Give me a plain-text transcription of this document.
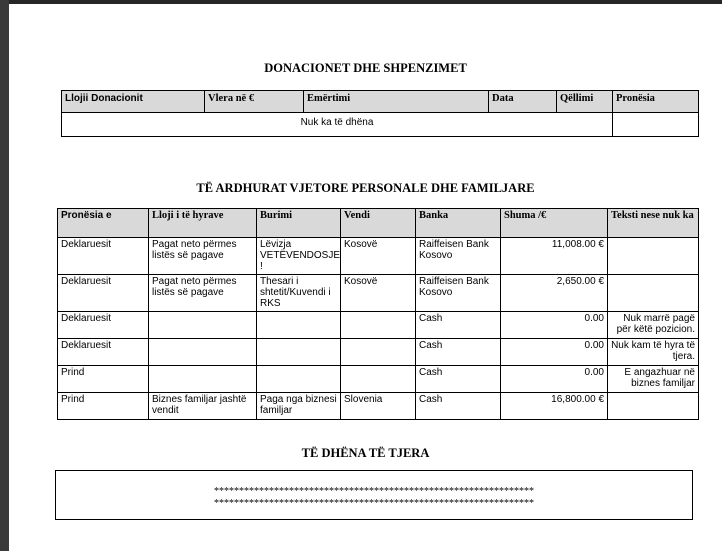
DONACIONET DHE SHPENZIMET
Llojii Donacionit	Vlera në €	Emërtimi	Data	Qëllimi	Pronësia
Nuk ka të dhëna					
TË ARDHURAT VJETORE PERSONALE DHE FAMILJARE
Pronësia e	Lloji i të hyrave	Burimi	Vendi	Banka	Shuma /€	Teksti nese nuk ka
Deklaruesit	Pagat neto përmes listës së pagave	Lëvizja VETËVENDOSJE !	Kosovë	Raiffeisen Bank Kosovo	11,008.00 €	
Deklaruesit	Pagat neto përmes listës së pagave	Thesari i shtetit/Kuvendi i RKS	Kosovë	Raiffeisen Bank Kosovo	2,650.00 €	
Deklaruesit				Cash	0.00	Nuk marrë pagë për këtë pozicion.
Deklaruesit				Cash	0.00	Nuk kam të hyra të tjera.
Prind				Cash	0.00	E angazhuar në biznes familjar
Prind	Biznes familjar jashtë vendit	Paga nga biznesi familjar	Slovenia	Cash	16,800.00 €	
TË DHËNA TË TJERA
****************************************************************
****************************************************************
